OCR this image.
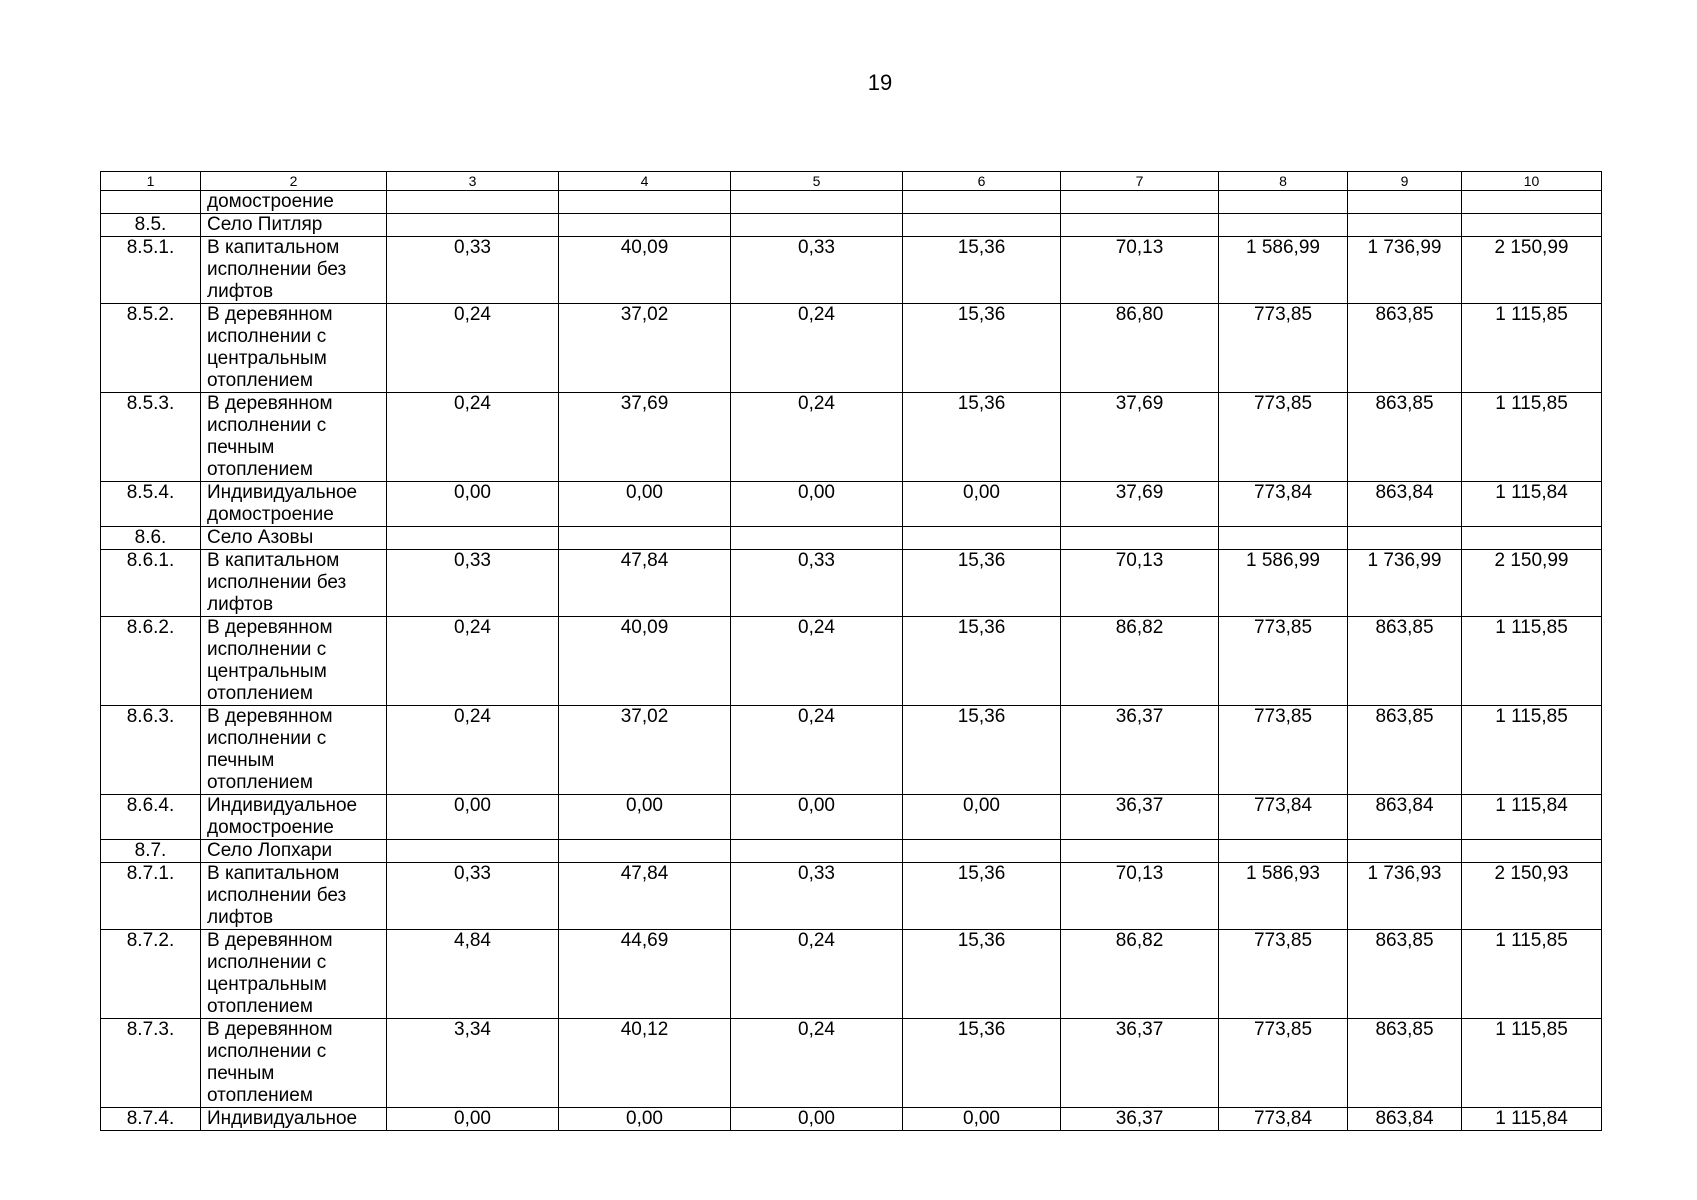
19
1	2	3	4	5	6	7	8	9	10
	домостроение								
8.5.	Село Питляр								
8.5.1.	В капитальном исполнении без лифтов	0,33	40,09	0,33	15,36	70,13	1 586,99	1 736,99	2 150,99
8.5.2.	В деревянном исполнении с центральным отоплением	0,24	37,02	0,24	15,36	86,80	773,85	863,85	1 115,85
8.5.3.	В деревянном исполнении с печным отоплением	0,24	37,69	0,24	15,36	37,69	773,85	863,85	1 115,85
8.5.4.	Индивидуальное домостроение	0,00	0,00	0,00	0,00	37,69	773,84	863,84	1 115,84
8.6.	Село Азовы								
8.6.1.	В капитальном исполнении без лифтов	0,33	47,84	0,33	15,36	70,13	1 586,99	1 736,99	2 150,99
8.6.2.	В деревянном исполнении с центральным отоплением	0,24	40,09	0,24	15,36	86,82	773,85	863,85	1 115,85
8.6.3.	В деревянном исполнении с печным отоплением	0,24	37,02	0,24	15,36	36,37	773,85	863,85	1 115,85
8.6.4.	Индивидуальное домостроение	0,00	0,00	0,00	0,00	36,37	773,84	863,84	1 115,84
8.7.	Село Лопхари								
8.7.1.	В капитальном исполнении без лифтов	0,33	47,84	0,33	15,36	70,13	1 586,93	1 736,93	2 150,93
8.7.2.	В деревянном исполнении с центральным отоплением	4,84	44,69	0,24	15,36	86,82	773,85	863,85	1 115,85
8.7.3.	В деревянном исполнении с печным отоплением	3,34	40,12	0,24	15,36	36,37	773,85	863,85	1 115,85
8.7.4.	Индивидуальное	0,00	0,00	0,00	0,00	36,37	773,84	863,84	1 115,84
